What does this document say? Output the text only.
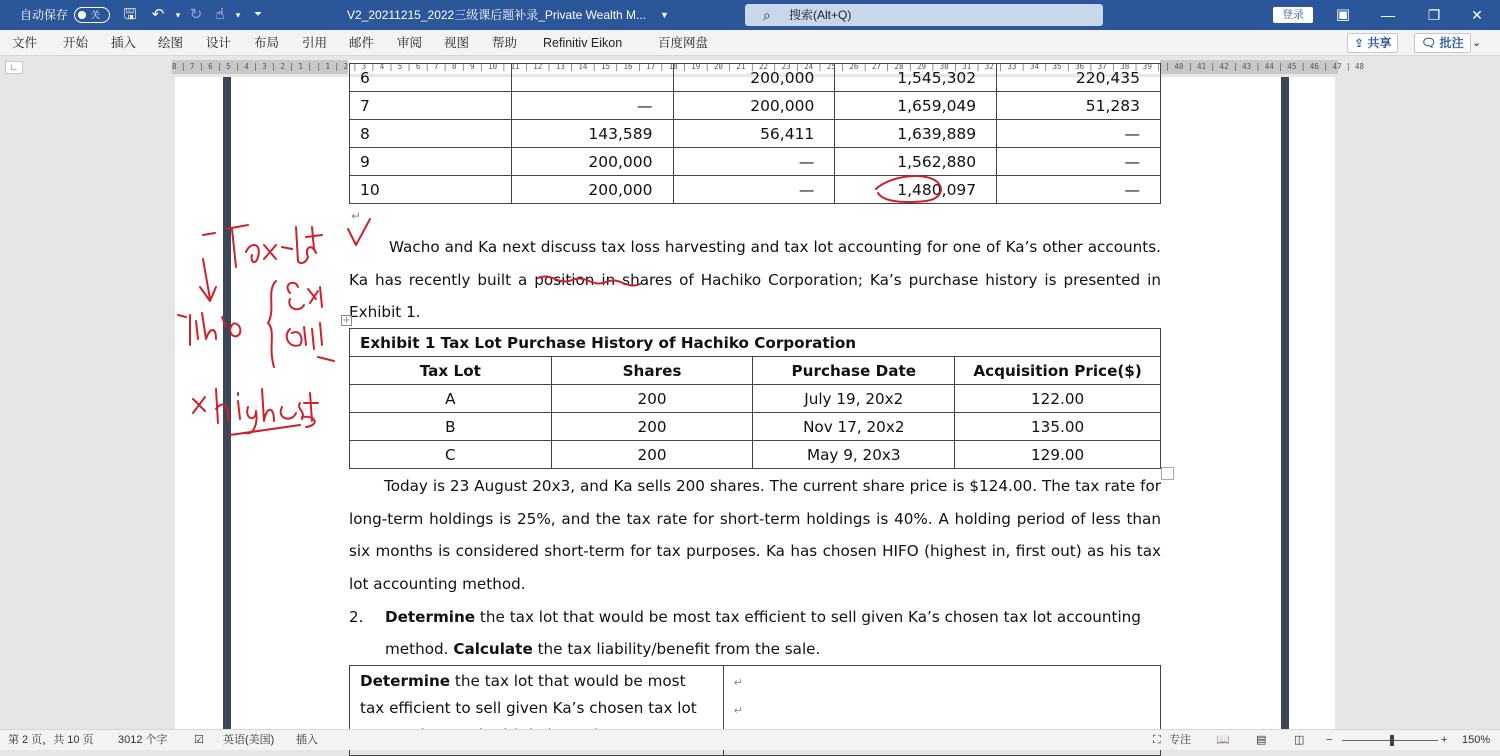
自动保存	关	🖫 ↶	▾ ↻ ☝	▾	⏷	V2_20211215_2022三级课后题补录_Private Wealth M... ▼	⌕ 搜索(Alt+Q)	登录	▣	—	❐	✕
文件 开始 插入 绘图 设计 布局 引用 邮件 审阅 视图 帮助 Refinitiv Eikon	百度网盘	⇪ 共享	🗨 批注 ⌄
∟	8 | 7 | 6 | 5 | 4 | 3 | 2 | 1 | | 1 | 2 | 3 | 4 | 5 | 6 | 7 | 8 | 9 | 10 | 11 | 12 | 13 | 14 | 15 | 16 | 17 | 18 | 19 | 20 | 21 | 22 | 23 | 24 | 25 | 26 | 27 | 28 | 29 | 30 | 31 | 32 | 33 | 34 | 35 | 36 | 37 | 38 | 39 | | 40 | 41 | 42 | 43 | 44 | 45 | 46 | 47 | 48
6		200,000	1,545,302	220,435
7	—	200,000	1,659,049	51,283
8	143,589	56,411	1,639,889	—
9	200,000	—	1,562,880	—
10	200,000	—	1,480,097	—
↵

Wacho and Ka next discuss tax loss harvesting and tax lot accounting for one of Ka’s other accounts. Ka has recently built a position in shares of Hachiko Corporation; Ka’s purchase history is presented in Exhibit 1.

+
Exhibit 1 Tax Lot Purchase History of Hachiko Corporation			
Tax Lot	Shares	Purchase Date	Acquisition Price($)
A	200	July 19, 20x2	122.00
B	200	Nov 17, 20x2	135.00
C	200	May 9, 20x3	129.00

Today is 23 August 20x3, and Ka sells 200 shares. The current share price is $124.00. The tax rate for long-term holdings is 25%, and the tax rate for short-term holdings is 40%. A holding period of less than six months is considered short-term for tax purposes. Ka has chosen HIFO (highest in, first out) as his tax lot accounting method.

2. Determine the tax lot that would be most tax efficient to sell given Ka’s chosen tax lot accounting method. Calculate the tax liability/benefit from the sale.

Determine the tax lot that would be most tax efficient to sell given Ka’s chosen tax lot	↵
↵
第 2 页，共 10 页 3012 个字 ☑ 英语(美国) 插入	⛶ 专注 📖 ▤	◫ −	+ 150%
